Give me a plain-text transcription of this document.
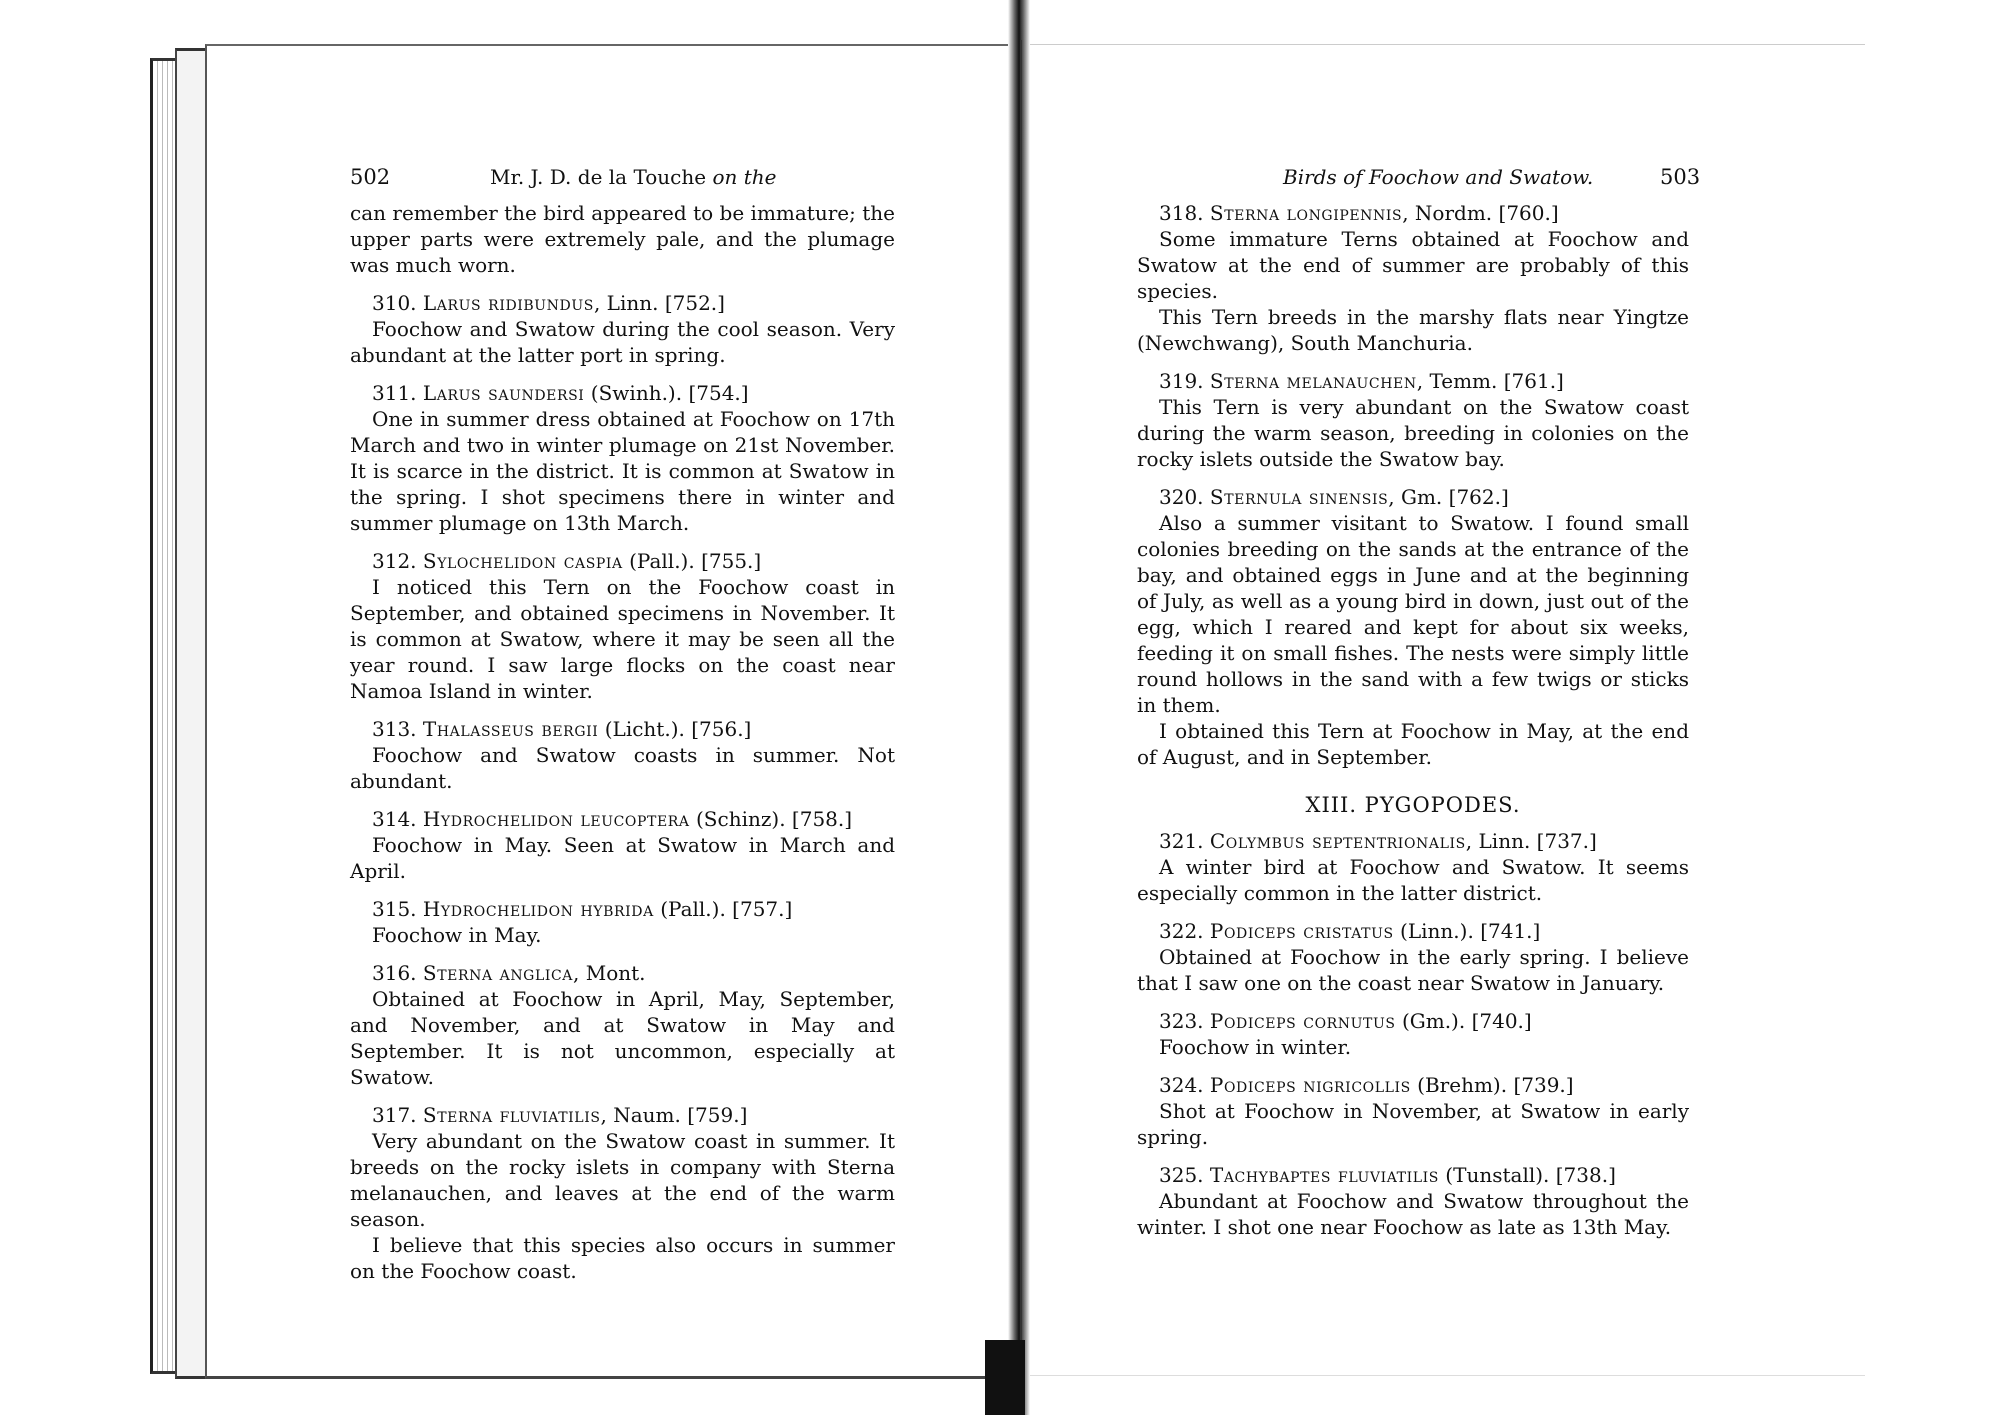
502	Mr. J. D. de la Touche on the	Birds of Foochow and Swatow.	503

can remember the bird appeared to be immature; the upper parts were extremely pale, and the plumage was much worn.

310. Larus ridibundus, Linn. [752.]

Foochow and Swatow during the cool season. Very abundant at the latter port in spring.

311. Larus saundersi (Swinh.). [754.]

One in summer dress obtained at Foochow on 17th March and two in winter plumage on 21st November. It is scarce in the district. It is common at Swatow in the spring. I shot specimens there in winter and summer plumage on 13th March.

312. Sylochelidon caspia (Pall.). [755.]

I noticed this Tern on the Foochow coast in September, and obtained specimens in November. It is common at Swatow, where it may be seen all the year round. I saw large flocks on the coast near Namoa Island in winter.

313. Thalasseus bergii (Licht.). [756.]

Foochow and Swatow coasts in summer. Not abundant.

314. Hydrochelidon leucoptera (Schinz). [758.]

Foochow in May. Seen at Swatow in March and April.

315. Hydrochelidon hybrida (Pall.). [757.]

Foochow in May.

316. Sterna anglica, Mont.

Obtained at Foochow in April, May, September, and November, and at Swatow in May and September. It is not uncommon, especially at Swatow.

317. Sterna fluviatilis, Naum. [759.]

Very abundant on the Swatow coast in summer. It breeds on the rocky islets in company with Sterna melanauchen, and leaves at the end of the warm season.

I believe that this species also occurs in summer on the Foochow coast.

318. Sterna longipennis, Nordm. [760.]

Some immature Terns obtained at Foochow and Swatow at the end of summer are probably of this species.

This Tern breeds in the marshy flats near Yingtze (Newchwang), South Manchuria.

319. Sterna melanauchen, Temm. [761.]

This Tern is very abundant on the Swatow coast during the warm season, breeding in colonies on the rocky islets outside the Swatow bay.

320. Sternula sinensis, Gm. [762.]

Also a summer visitant to Swatow. I found small colonies breeding on the sands at the entrance of the bay, and obtained eggs in June and at the beginning of July, as well as a young bird in down, just out of the egg, which I reared and kept for about six weeks, feeding it on small fishes. The nests were simply little round hollows in the sand with a few twigs or sticks in them.

I obtained this Tern at Foochow in May, at the end of August, and in September.

XIII. PYGOPODES.
321. Colymbus septentrionalis, Linn. [737.]

A winter bird at Foochow and Swatow. It seems especially common in the latter district.

322. Podiceps cristatus (Linn.). [741.]

Obtained at Foochow in the early spring. I believe that I saw one on the coast near Swatow in January.

323. Podiceps cornutus (Gm.). [740.]

Foochow in winter.

324. Podiceps nigricollis (Brehm). [739.]

Shot at Foochow in November, at Swatow in early spring.

325. Tachybaptes fluviatilis (Tunstall). [738.]

Abundant at Foochow and Swatow throughout the winter. I shot one near Foochow as late as 13th May.
